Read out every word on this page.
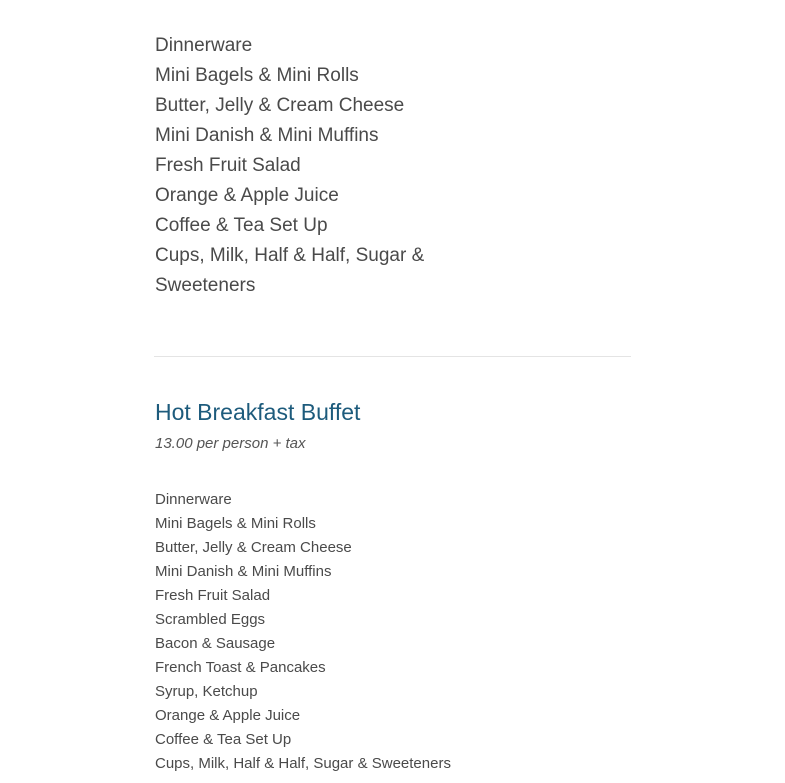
Dinnerware
Mini Bagels & Mini Rolls
Butter, Jelly & Cream Cheese
Mini Danish & Mini Muffins
Fresh Fruit Salad
Orange & Apple Juice
Coffee & Tea Set Up
Cups, Milk, Half & Half, Sugar & Sweeteners
Hot Breakfast Buffet
13.00 per person + tax
Dinnerware
Mini Bagels & Mini Rolls
Butter, Jelly & Cream Cheese
Mini Danish & Mini Muffins
Fresh Fruit Salad
Scrambled Eggs
Bacon & Sausage
French Toast & Pancakes
Syrup, Ketchup
Orange & Apple Juice
Coffee & Tea Set Up
Cups, Milk, Half & Half, Sugar & Sweeteners
